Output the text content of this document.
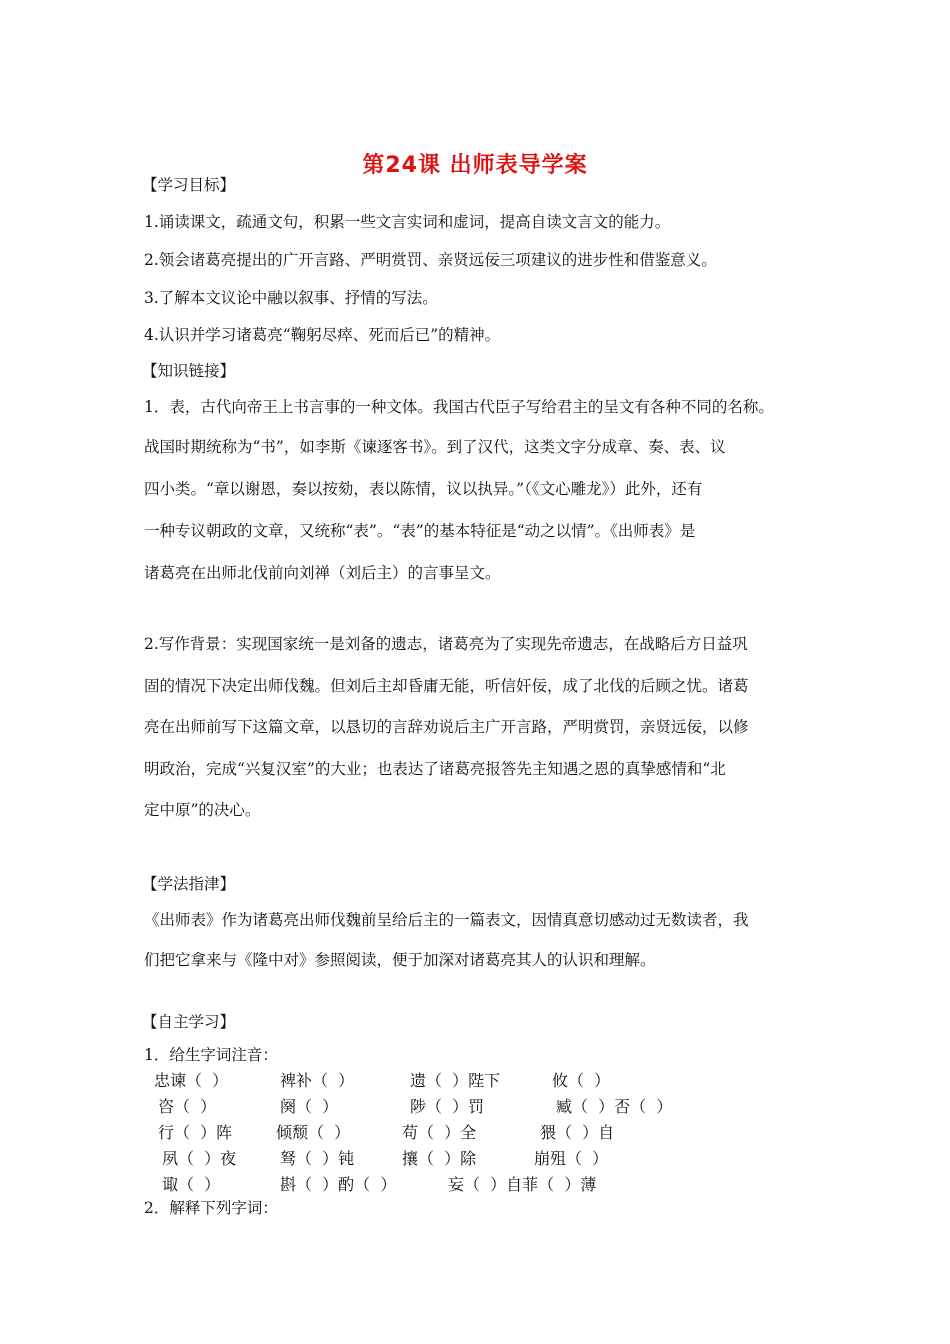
第24课 出师表导学案
【学习目标】
1.诵读课文，疏通文句，积累一些文言实词和虚词，提高自读文言文的能力。
2.领会诸葛亮提出的广开言路、严明赏罚、亲贤远佞三项建议的进步性和借鉴意义。
3.了解本文议论中融以叙事、抒情的写法。
4.认识并学习诸葛亮“鞠躬尽瘁、死而后已”的精神。
【知识链接】
1．表，古代向帝王上书言事的一种文体。我国古代臣子写给君主的呈文有各种不同的名称。
战国时期统称为“书”，如李斯《谏逐客书》。到了汉代，这类文字分成章、奏、表、议
四小类。“章以谢恩，奏以按劾，表以陈情，议以执异。”（《文心雕龙》）此外，还有
一种专议朝政的文章，又统称“表”。“表”的基本特征是“动之以情”。《出师表》是
诸葛亮在出师北伐前向刘禅（刘后主）的言事呈文。
2.写作背景：实现国家统一是刘备的遗志，诸葛亮为了实现先帝遗志，在战略后方日益巩
固的情况下决定出师伐魏。但刘后主却昏庸无能，听信奸佞，成了北伐的后顾之忧。诸葛
亮在出师前写下这篇文章，以恳切的言辞劝说后主广开言路，严明赏罚，亲贤远佞，以修
明政治，完成“兴复汉室”的大业；也表达了诸葛亮报答先主知遇之恩的真挚感情和“北
定中原”的决心。
【学法指津】
《出师表》作为诸葛亮出师伐魏前呈给后主的一篇表文，因情真意切感动过无数读者，我
们把它拿来与《隆中对》参照阅读，便于加深对诸葛亮其人的认识和理解。
【自主学习】
1．给生字词注音：
忠谏（  ）	裨补（  ）	遗（  ）陛下	攸（  ）
咨（  ）	阕（  ）	陟（  ）罚	臧（  ）否（  ）
行（  ）阵	倾颓（  ）	苟（  ）全	猥（  ）自
夙（  ）夜	驽（  ）钝	攘（  ）除	崩殂（  ）
诹（  ）	斟（  ）酌（  ）	妄（  ）自菲（  ）薄
2．解释下列字词：
